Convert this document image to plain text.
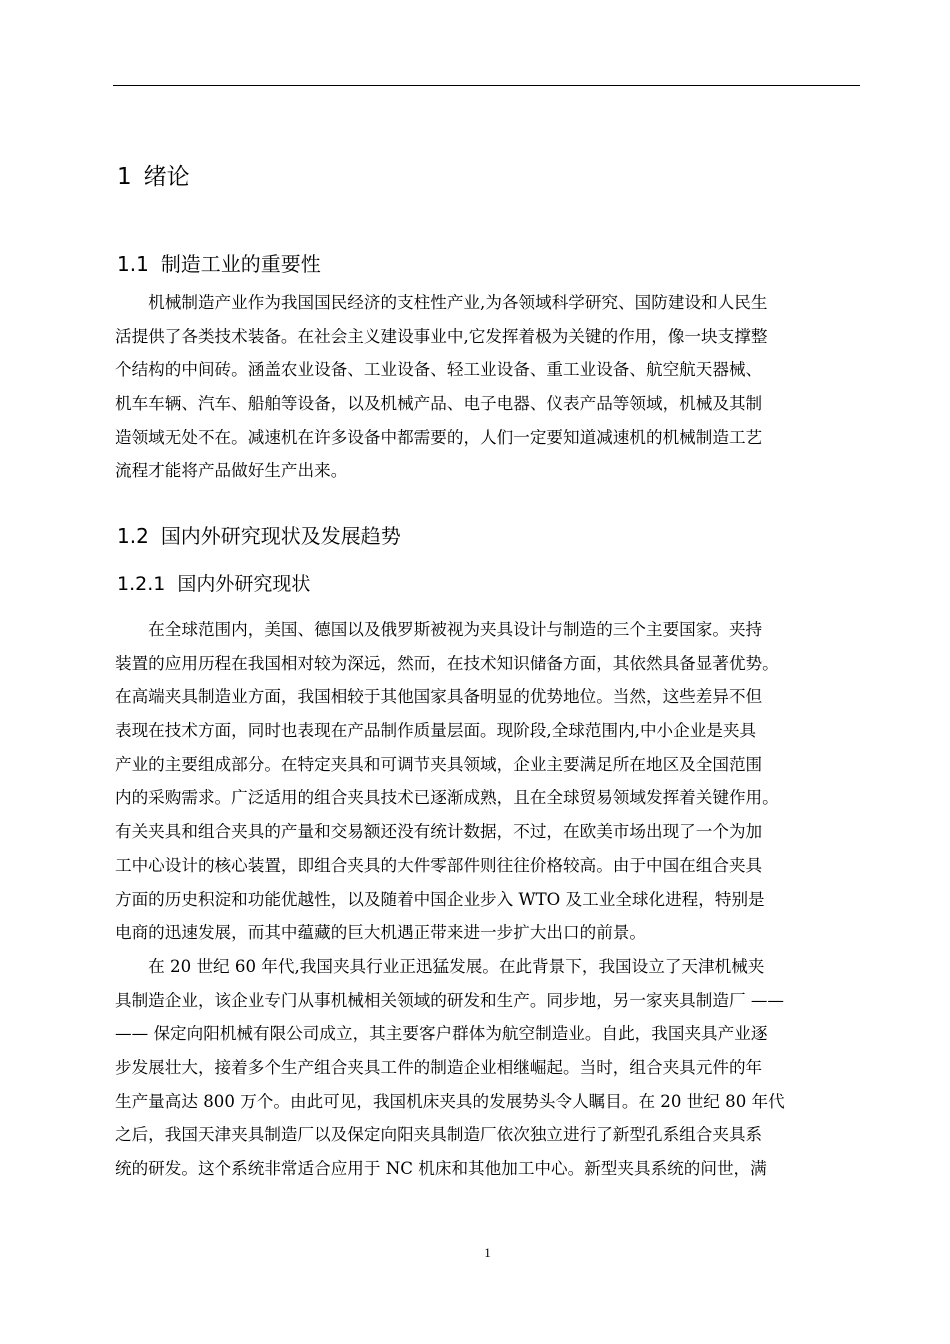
1 绪论
1.1 制造工业的重要性
　　机械制造产业作为我国国民经济的支柱性产业,为各领域科学研究、国防建设和人民生
活提供了各类技术装备。在社会主义建设事业中,它发挥着极为关键的作用，像一块支撑整
个结构的中间砖。涵盖农业设备、工业设备、轻工业设备、重工业设备、航空航天器械、
机车车辆、汽车、船舶等设备，以及机械产品、电子电器、仪表产品等领域，机械及其制
造领域无处不在。减速机在许多设备中都需要的，人们一定要知道减速机的机械制造工艺
流程才能将产品做好生产出来。
1.2 国内外研究现状及发展趋势
1.2.1 国内外研究现状
　　在全球范围内，美国、德国以及俄罗斯被视为夹具设计与制造的三个主要国家。夹持
装置的应用历程在我国相对较为深远，然而，在技术知识储备方面，其依然具备显著优势。
在高端夹具制造业方面，我国相较于其他国家具备明显的优势地位。当然，这些差异不但
表现在技术方面，同时也表现在产品制作质量层面。现阶段,全球范围内,中小企业是夹具
产业的主要组成部分。在特定夹具和可调节夹具领域，企业主要满足所在地区及全国范围
内的采购需求。广泛适用的组合夹具技术已逐渐成熟，且在全球贸易领域发挥着关键作用。
有关夹具和组合夹具的产量和交易额还没有统计数据，不过，在欧美市场出现了一个为加
工中心设计的核心装置，即组合夹具的大件零部件则往往价格较高。由于中国在组合夹具
方面的历史积淀和功能优越性，以及随着中国企业步入 WTO 及工业全球化进程，特别是
电商的迅速发展，而其中蕴藏的巨大机遇正带来进一步扩大出口的前景。
　　在 20 世纪 60 年代,我国夹具行业正迅猛发展。在此背景下，我国设立了天津机械夹
具制造企业，该企业专门从事机械相关领域的研发和生产。同步地，另一家夹具制造厂 ——
—— 保定向阳机械有限公司成立，其主要客户群体为航空制造业。自此，我国夹具产业逐
步发展壮大，接着多个生产组合夹具工件的制造企业相继崛起。当时，组合夹具元件的年
生产量高达 800 万个。由此可见，我国机床夹具的发展势头令人瞩目。在 20 世纪 80 年代
之后，我国天津夹具制造厂以及保定向阳夹具制造厂依次独立进行了新型孔系组合夹具系
统的研发。这个系统非常适合应用于 NC 机床和其他加工中心。新型夹具系统的问世，满
1
